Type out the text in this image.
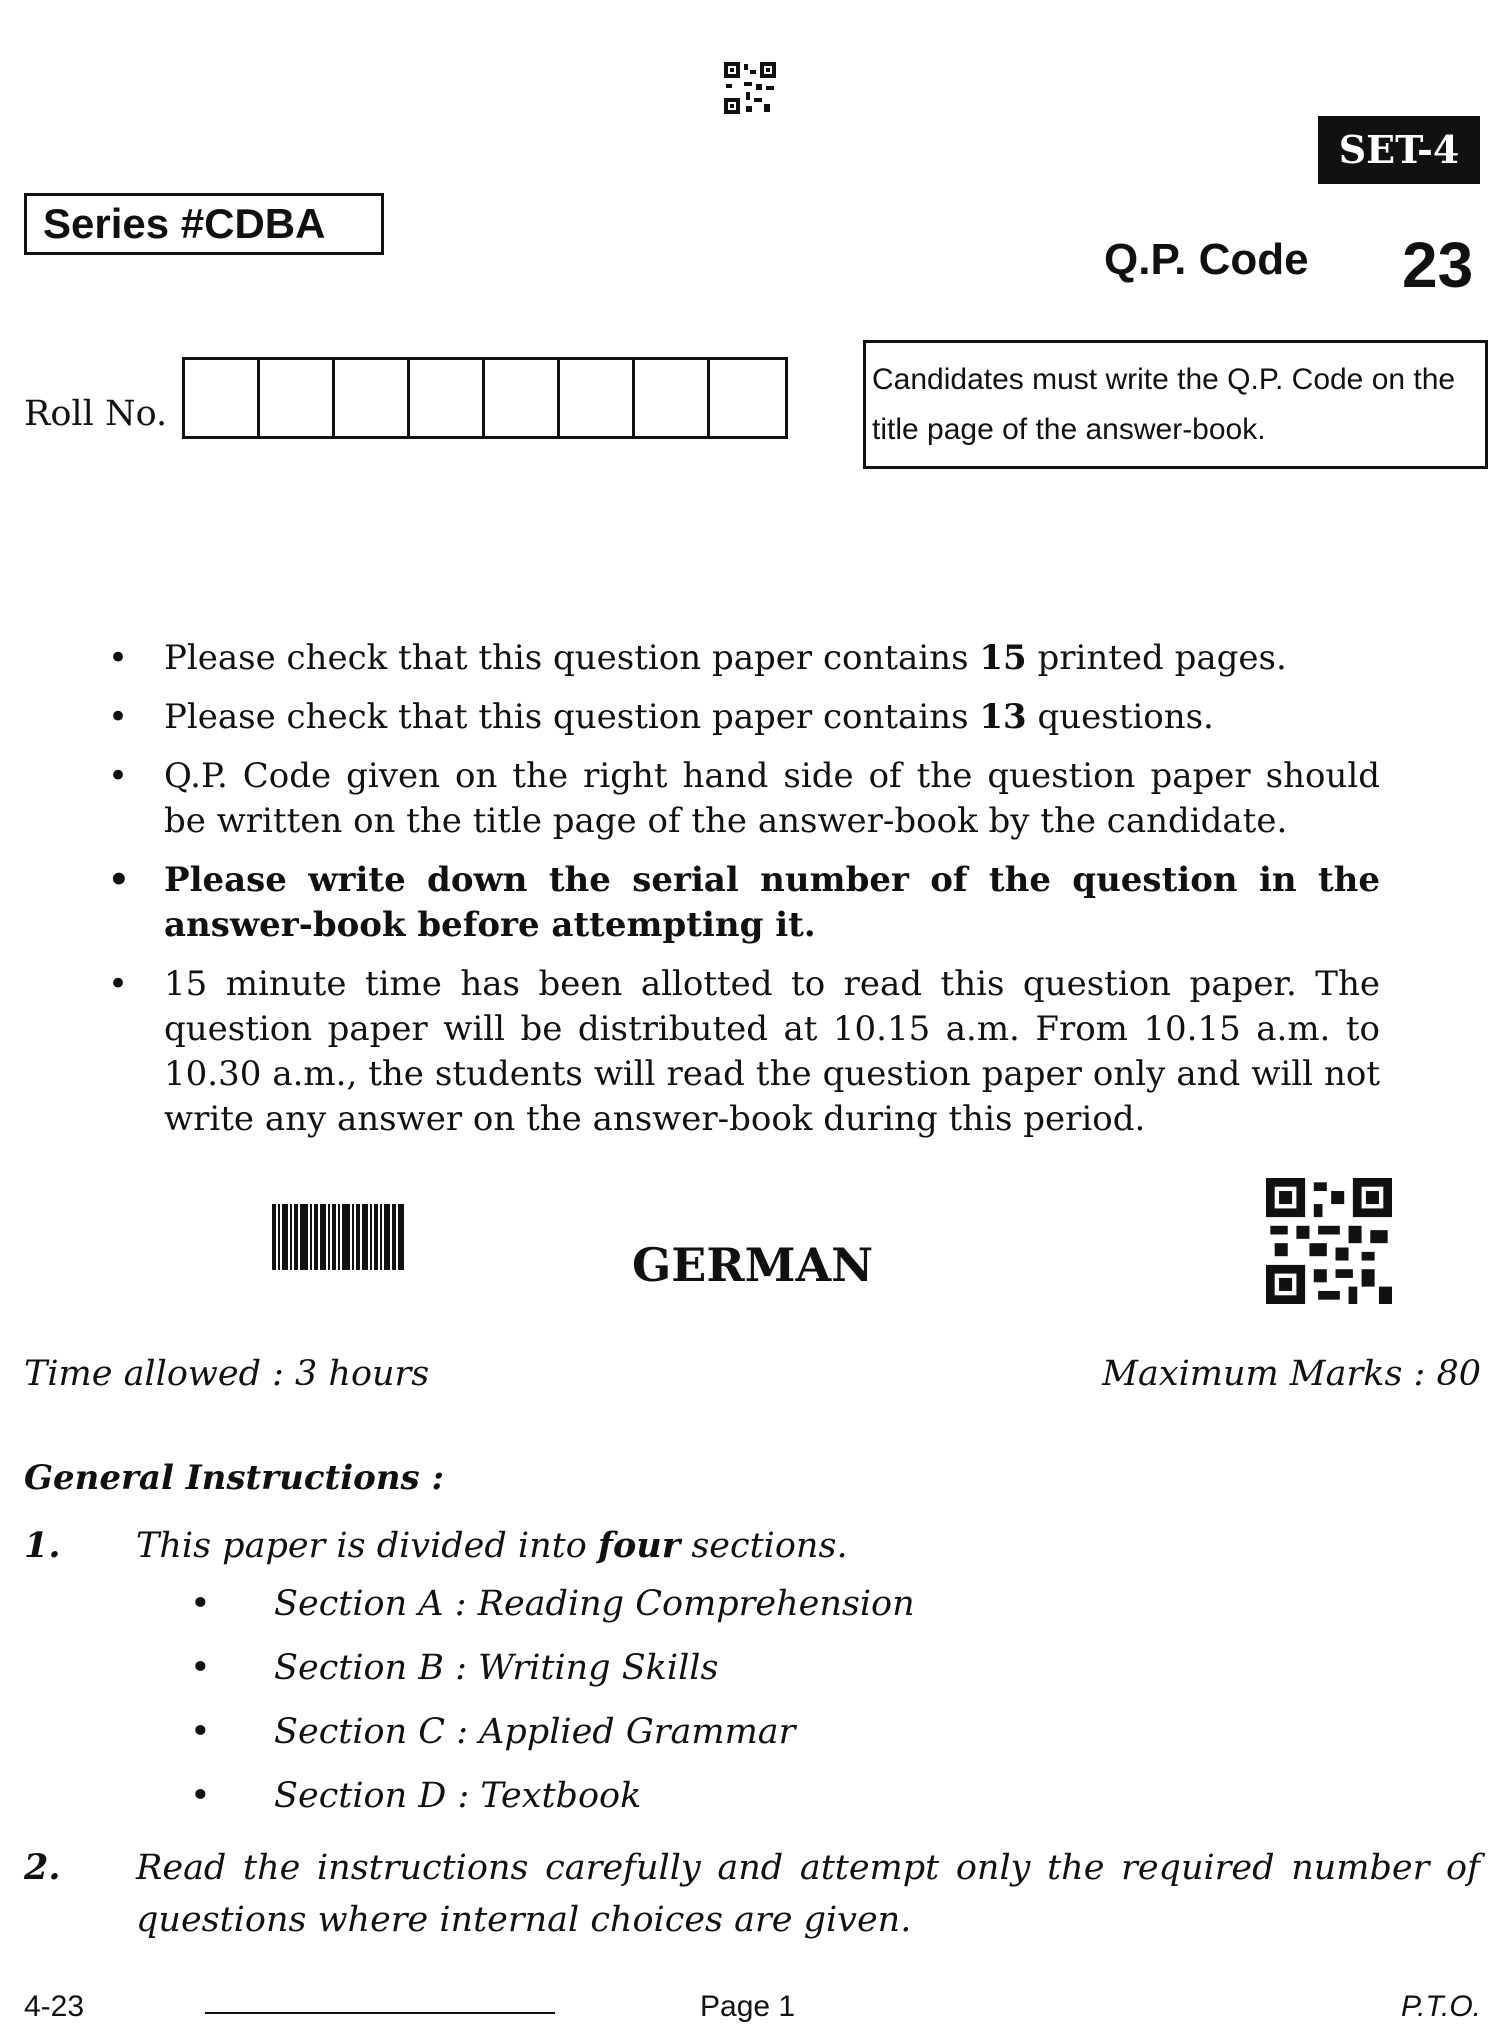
SET-4
Series #CDBA
Q.P. Code 23
Roll No.
Candidates must write the Q.P. Code on the title page of the answer-book.
• Please check that this question paper contains 15 printed pages.
• Please check that this question paper contains 13 questions.
• Q.P. Code given on the right hand side of the question paper should be written on the title page of the answer-book by the candidate.
• Please write down the serial number of the question in the answer-book before attempting it.
• 15 minute time has been allotted to read this question paper. The question paper will be distributed at 10.15 a.m. From 10.15 a.m. to 10.30 a.m., the students will read the question paper only and will not write any answer on the answer-book during this period.
GERMAN
Time allowed : 3 hours	Maximum Marks : 80
General Instructions :
1. This paper is divided into four sections.
• Section A : Reading Comprehension
• Section B : Writing Skills
• Section C : Applied Grammar
• Section D : Textbook
2. Read the instructions carefully and attempt only the required number of questions where internal choices are given.
4-23	Page 1	P.T.O.
